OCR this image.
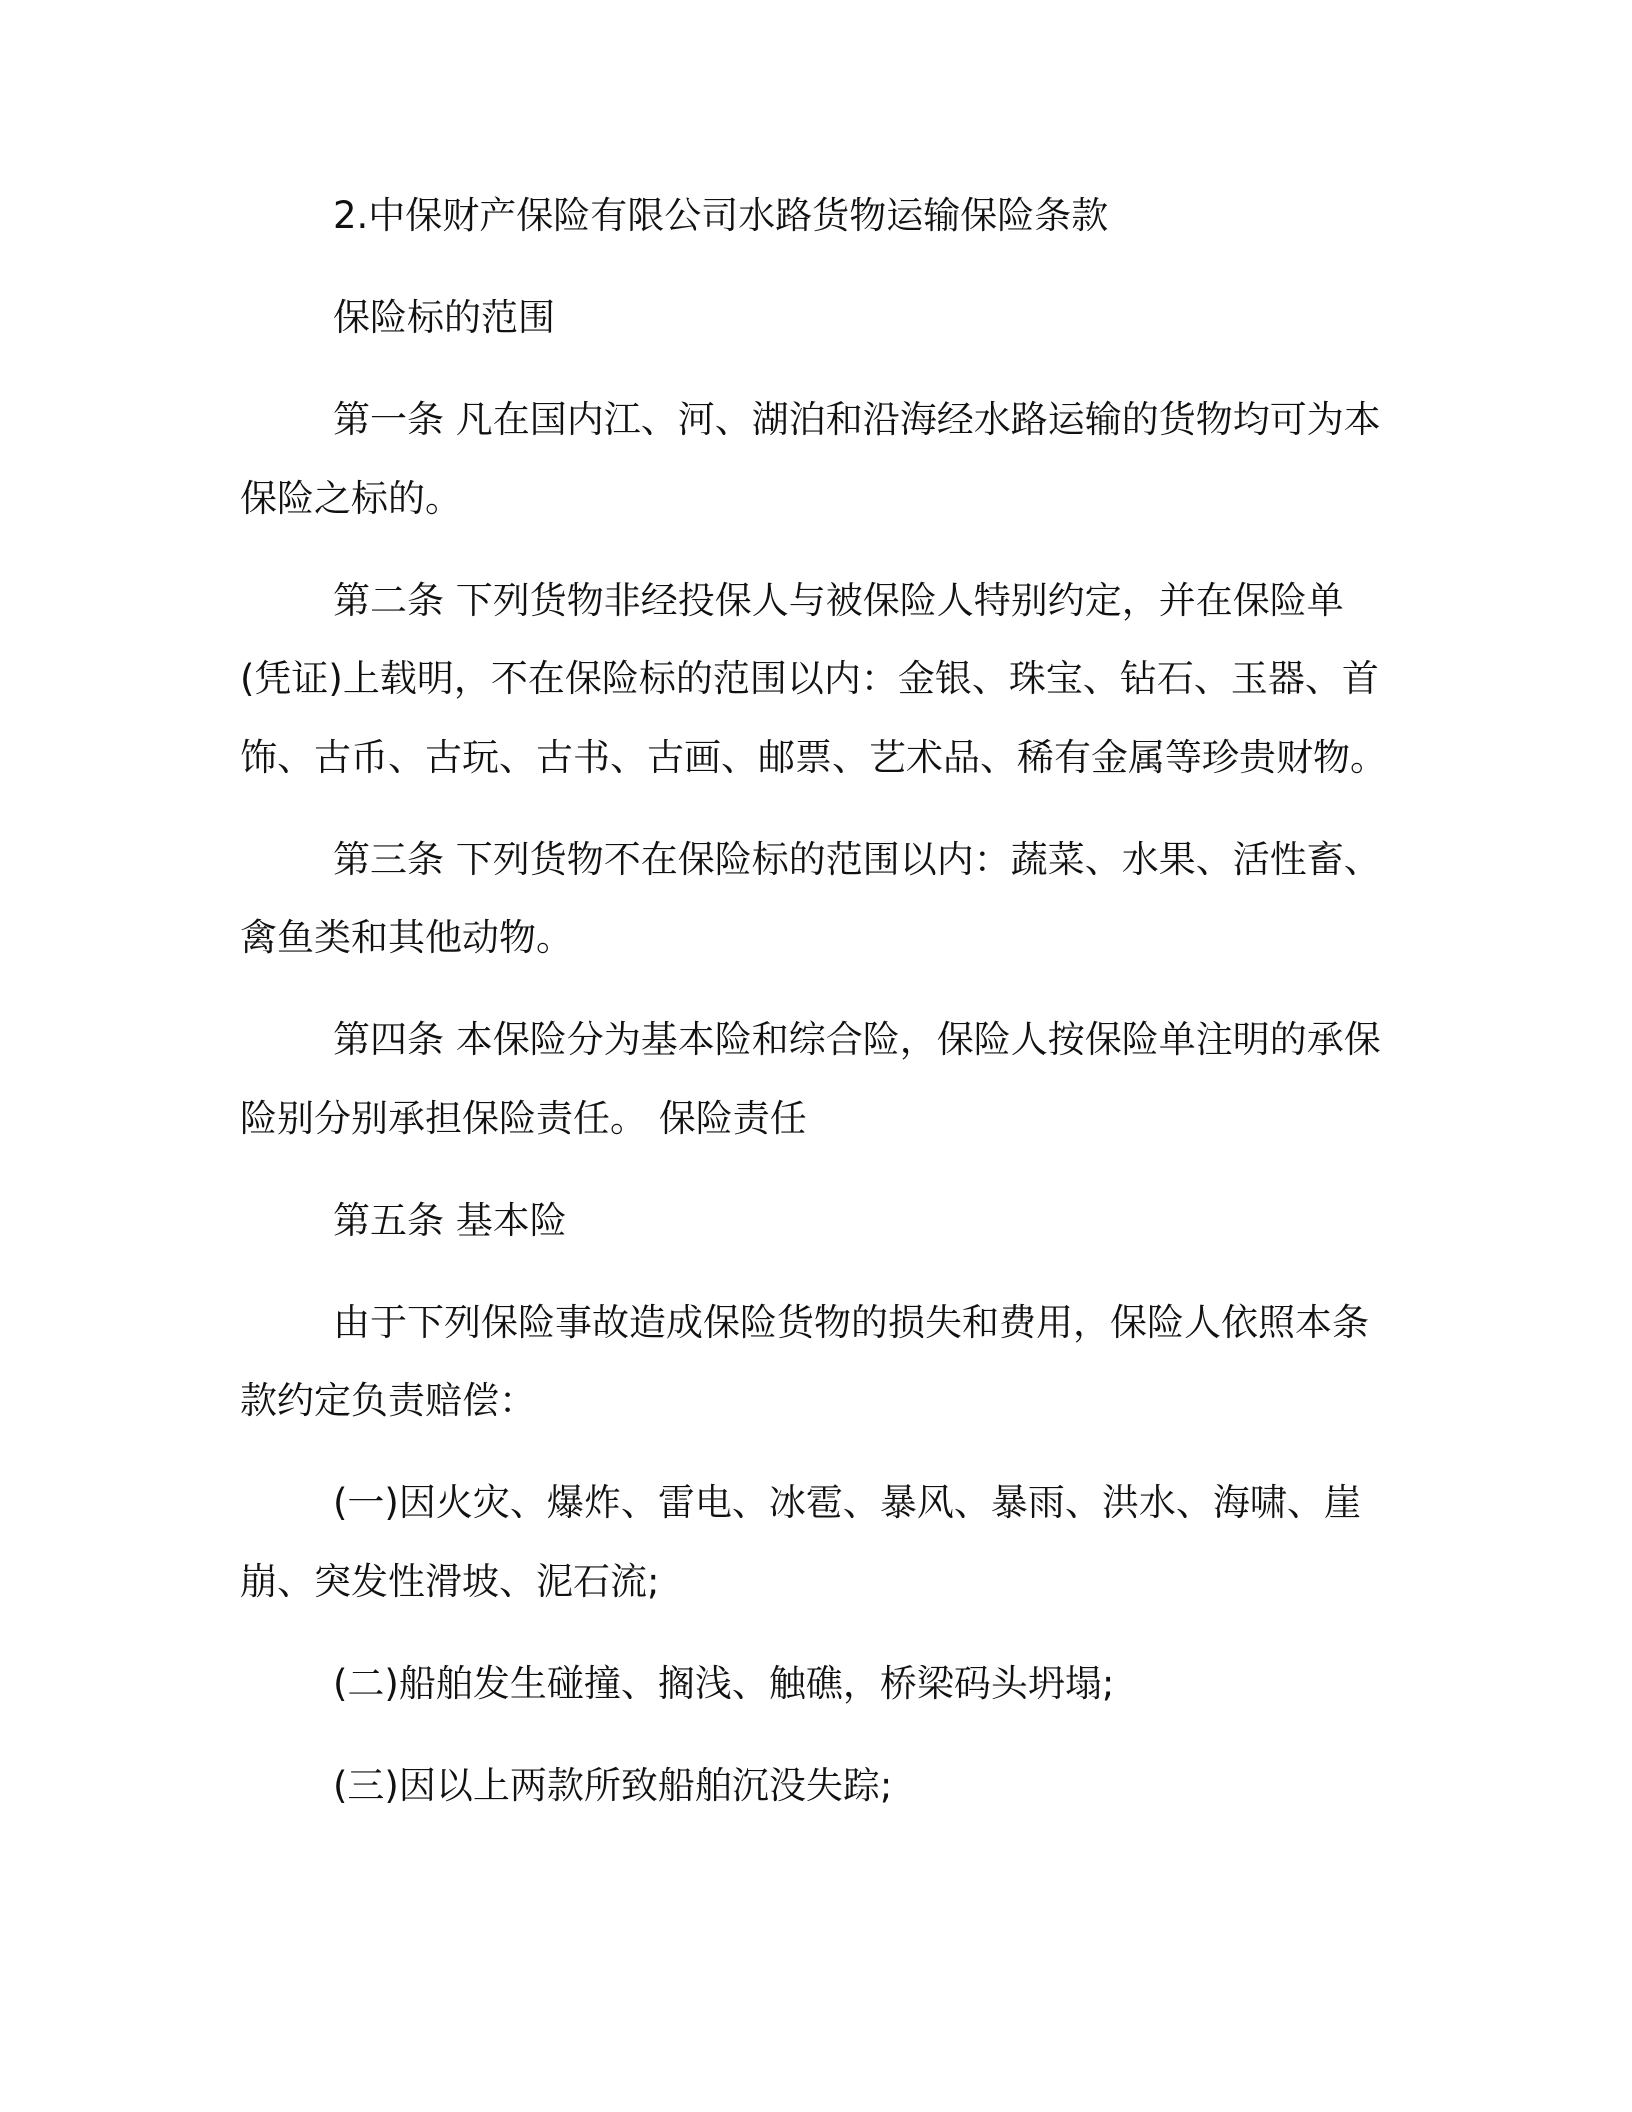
2.中保财产保险有限公司水路货物运输保险条款
保险标的范围
第一条 凡在国内江、河、湖泊和沿海经水路运输的货物均可为本
保险之标的。
第二条 下列货物非经投保人与被保险人特别约定，并在保险单
(凭证)上载明，不在保险标的范围以内：金银、珠宝、钻石、玉器、首
饰、古币、古玩、古书、古画、邮票、艺术品、稀有金属等珍贵财物。
第三条 下列货物不在保险标的范围以内：蔬菜、水果、活性畜、
禽鱼类和其他动物。
第四条 本保险分为基本险和综合险，保险人按保险单注明的承保
险别分别承担保险责任。 保险责任
第五条 基本险
由于下列保险事故造成保险货物的损失和费用，保险人依照本条
款约定负责赔偿：
(一)因火灾、爆炸、雷电、冰雹、暴风、暴雨、洪水、海啸、崖
崩、突发性滑坡、泥石流;
(二)船舶发生碰撞、搁浅、触礁，桥梁码头坍塌;
(三)因以上两款所致船舶沉没失踪;
